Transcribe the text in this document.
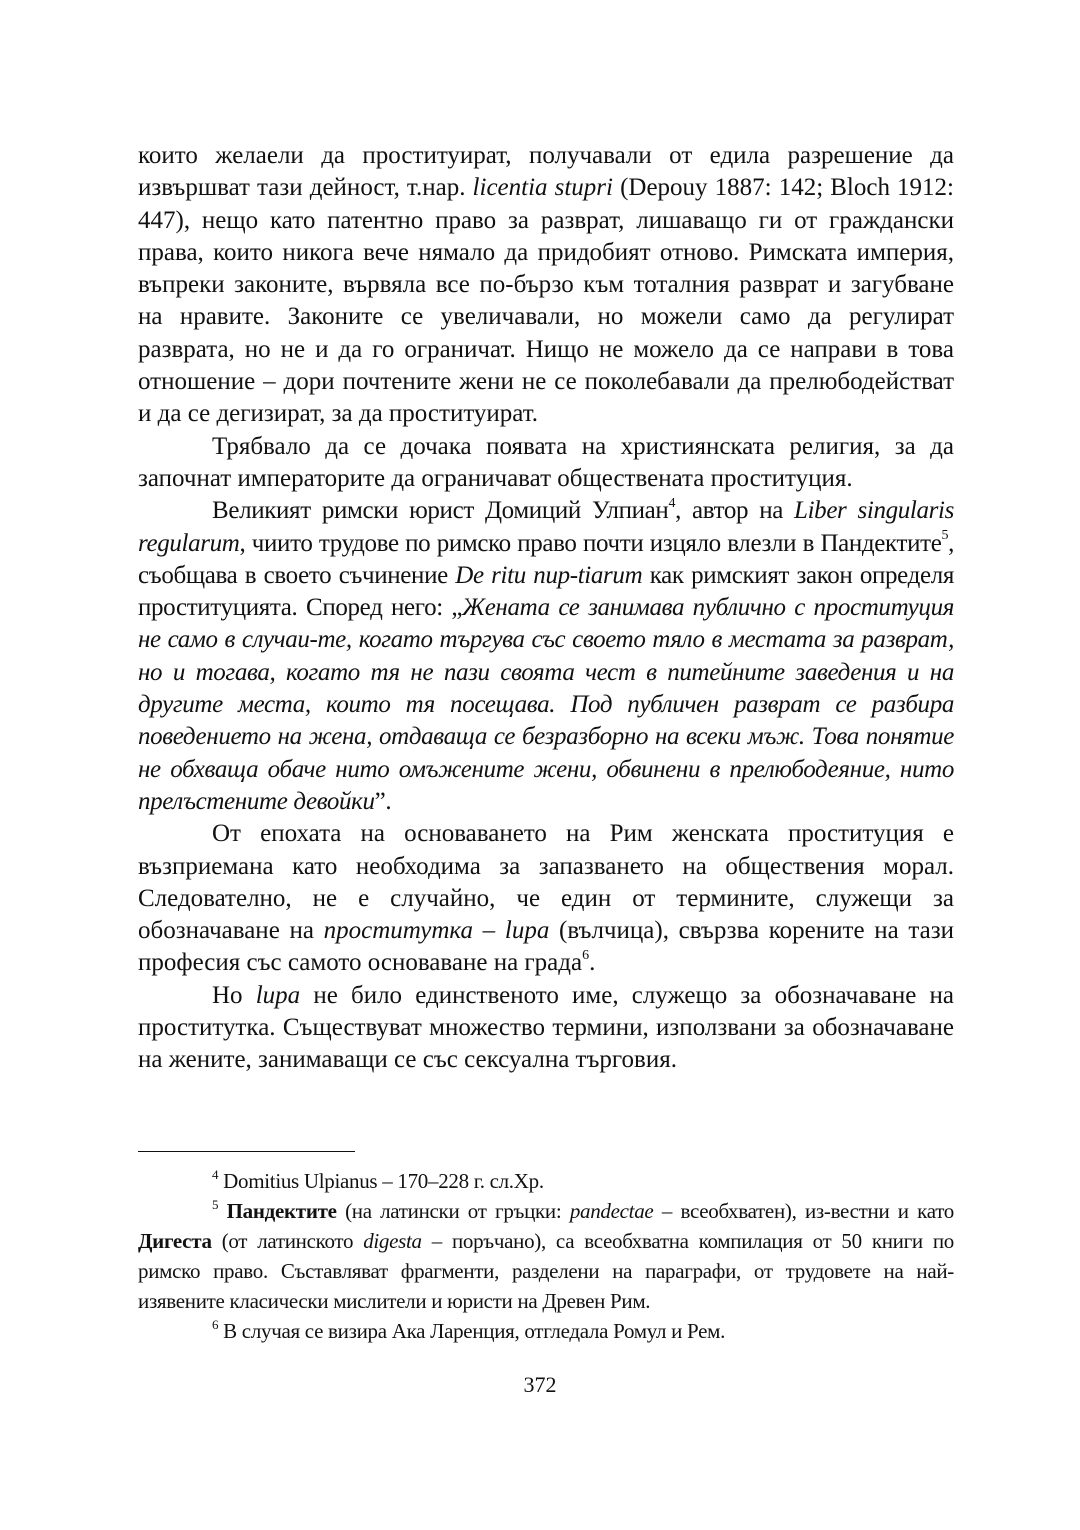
които желаели да проституират, получавали от едила разрешение да извършват тази дейност, т.нар. licentia stupri (Depouy 1887: 142; Bloch 1912: 447), нещо като патентно право за разврат, лишаващо ги от граждански права, които никога вече нямало да придобият отново. Римската империя, въпреки законите, вървяла все по-бързо към тоталния разврат и загубване на нравите. Законите се увеличавали, но можели само да регулират разврата, но не и да го ограничат. Нищо не можело да се направи в това отношение – дори почтените жени не се поколебавали да прелюбодействат и да се дегизират, за да проституират.

Трябвало да се дочака появата на християнската религия, за да започнат императорите да ограничават обществената проституция.

Великият римски юрист Домиций Улпиан$^4$, автор на Liber singularis regularum, чиито трудове по римско право почти изцяло влезли в Пандектите$^5$, съобщава в своето съчинение De ritu nup-tiarum как римският закон определя проституцията. Според него: „Жената се занимава публично с проституция не само в случаи-те, когато търгува със своето тяло в местата за разврат, но и тогава, когато тя не пази своята чест в питейните заведения и на другите места, които тя посещава. Под публичен разврат се разбира поведението на жена, отдаваща се безразборно на всеки мъж. Това понятие не обхваща обаче нито омъжените жени, обвинени в прелюбодеяние, нито прелъстените девойки”.

От епохата на основаването на Рим женската проституция е възприемана като необходима за запазването на обществения морал. Следователно, не е случайно, че един от термините, служещи за обозначаване на проститутка – lupa (вълчица), свързва корените на тази професия със самото основаване на града$^6$.

Но lupa не било единственото име, служещо за обозначаване на проститутка. Съществуват множество термини, използвани за обозначаване на жените, занимаващи се със сексуална търговия.

$^4$ Domitius Ulpianus – 170–228 г. сл.Хр.

$^5$ Пандектите (на латински от гръцки: pandectae – всеобхватен), из-вестни и като Дигеста (от латинското digesta – поръчано), са всеобхватна компилация от 50 книги по римско право. Съставляват фрагменти, разделени на параграфи, от трудовете на най-изявените класически мислители и юристи на Древен Рим.

$^6$ В случая се визира Ака Ларенция, отгледала Ромул и Рем.

372
